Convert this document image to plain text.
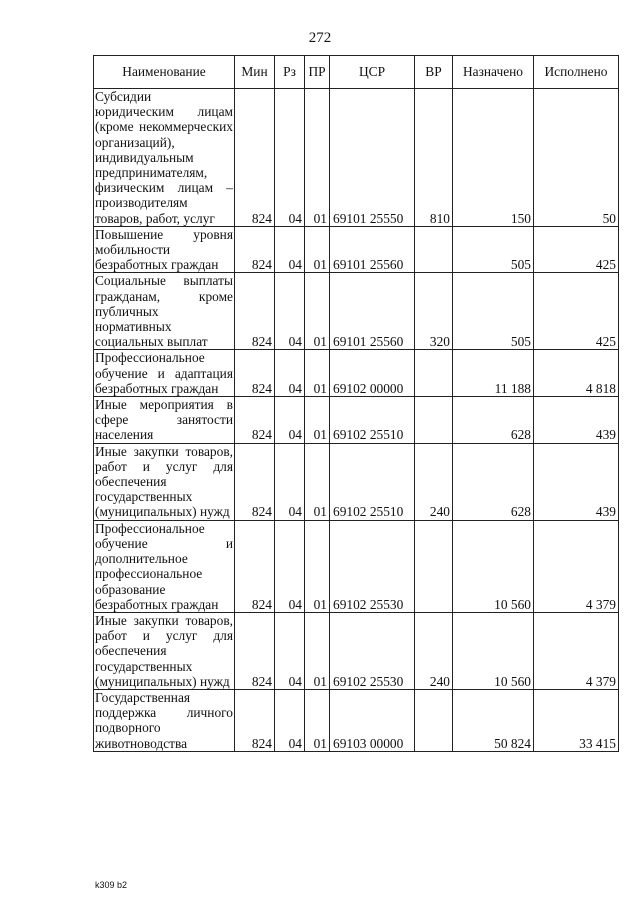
272
Наименование	Мин	Рз	ПР	ЦСР	ВР	Назначено	Исполнено
Субсидии юридическим лицам (кроме некоммерческих организаций), индивидуальным предпринимателям, физическим лицам – производителям товаров, работ, услуг	824	04	01	69101 25550	810	150	50
Повышение уровня мобильности безработных граждан	824	04	01	69101 25560		505	425
Социальные выплаты гражданам, кроме публичных нормативных социальных выплат	824	04	01	69101 25560	320	505	425
Профессиональное обучение и адаптация безработных граждан	824	04	01	69102 00000		11 188	4 818
Иные мероприятия в сфере занятости населения	824	04	01	69102 25510		628	439
Иные закупки товаров, работ и услуг для обеспечения государственных (муниципальных) нужд	824	04	01	69102 25510	240	628	439
Профессиональное обучение и дополнительное профессиональное образование безработных граждан	824	04	01	69102 25530		10 560	4 379
Иные закупки товаров, работ и услуг для обеспечения государственных (муниципальных) нужд	824	04	01	69102 25530	240	10 560	4 379
Государственная поддержка личного подворного животноводства	824	04	01	69103 00000		50 824	33 415
k309 b2
